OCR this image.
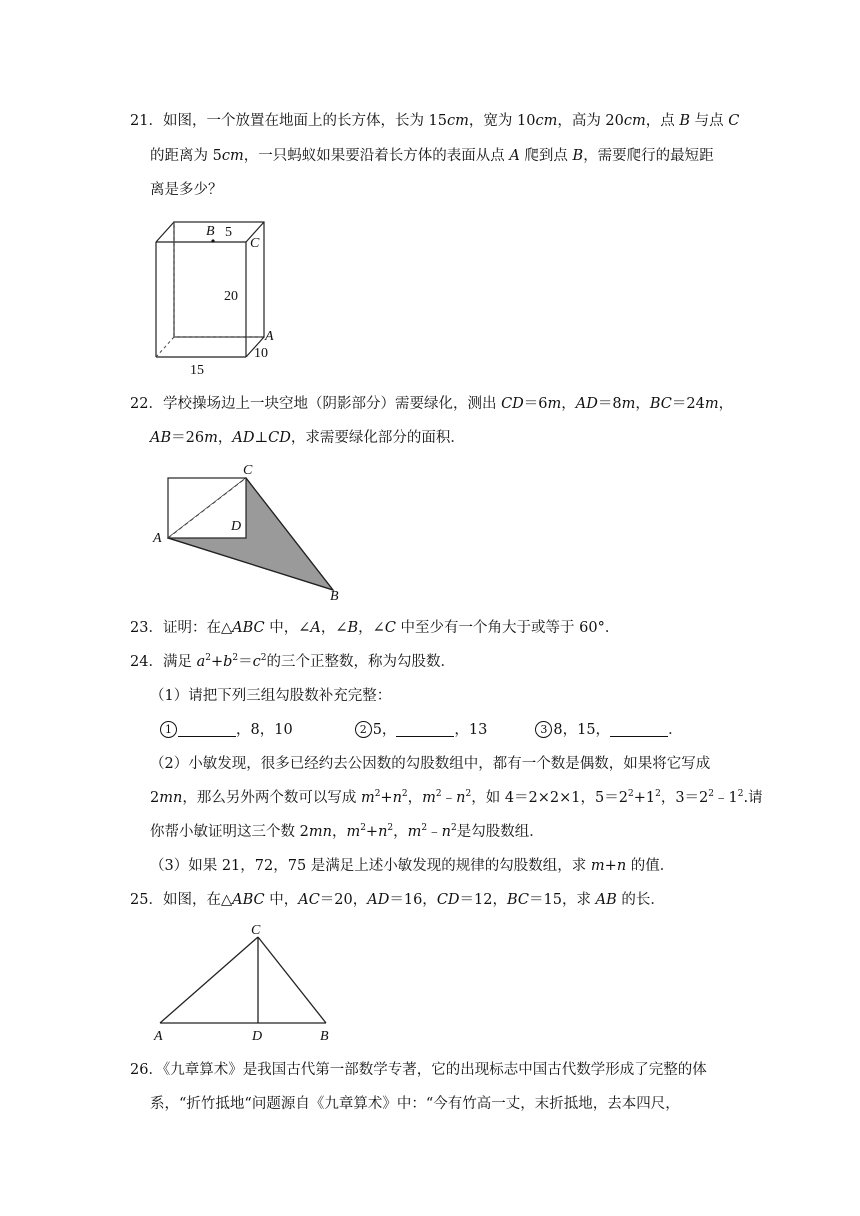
21．如图，一个放置在地面上的长方体，长为 15cm，宽为 10cm，高为 20cm，点 B 与点 C
的距离为 5cm，一只蚂蚁如果要沿着长方体的表面从点 A 爬到点 B，需要爬行的最短距
离是多少？
B 5
C
20
A
15
10
22．学校操场边上一块空地（阴影部分）需要绿化，测出 CD＝6m，AD＝8m，BC＝24m，
AB＝26m，AD⊥CD，求需要绿化部分的面积．
C
D
A
B
23．证明：在△ABC 中，∠A，∠B，∠C 中至少有一个角大于或等于 60°．
24．满足 $a^2+b^2=c^2$的三个正整数，称为勾股数．
（1）请把下列三组勾股数补充完整：
1	，8，10	2 5，	，13	3 8，15，	．
（2）小敏发现，很多已经约去公因数的勾股数组中，都有一个数是偶数，如果将它写成
2mn，那么另外两个数可以写成 $m^2+n^2$，$m^2﹣n^2$，如 4＝2×2×1，$5=2^2+1^2$，$3=2^2﹣1^2$.请
你帮小敏证明这三个数 2mn，$m^2+n^2$，$m^2﹣n^2$是勾股数组．
（3）如果 21，72，75 是满足上述小敏发现的规律的勾股数组，求 m+n 的值．
25．如图，在△ABC 中，AC＝20，AD＝16，CD＝12，BC＝15，求 AB 的长．
C
A	D	B
26．《九章算术》是我国古代第一部数学专著，它的出现标志中国古代数学形成了完整的体
系，“折竹抵地“问题源自《九章算术》中：“今有竹高一丈，末折抵地，去本四尺，
